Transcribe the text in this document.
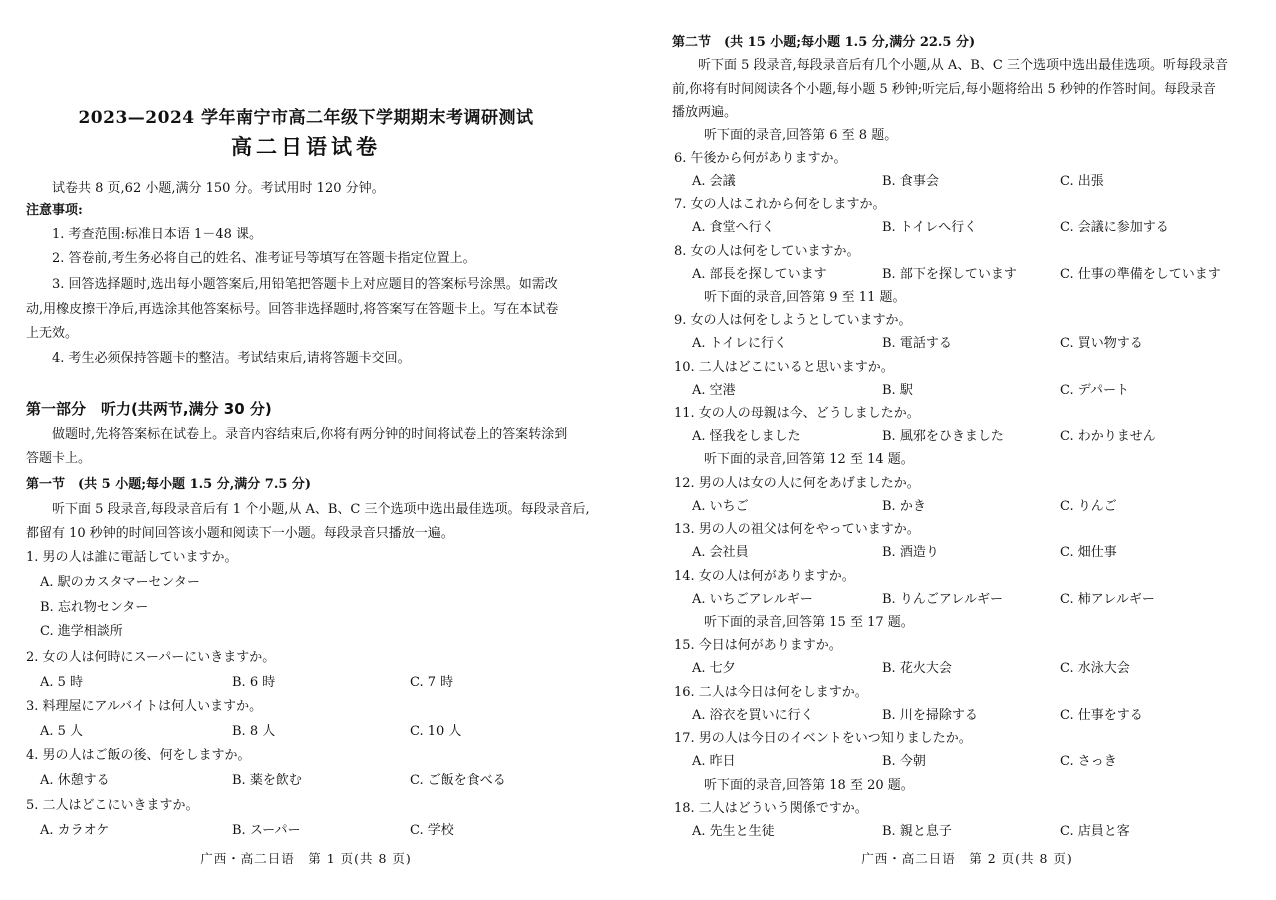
2023—2024 学年南宁市高二年级下学期期末考调研测试
高二日语试卷
试卷共 8 页,62 小题,满分 150 分。考试用时 120 分钟。
注意事项:
1. 考查范围:标准日本语 1－48 课。
2. 答卷前,考生务必将自己的姓名、准考证号等填写在答题卡指定位置上。
3. 回答选择题时,选出每小题答案后,用铅笔把答题卡上对应题目的答案标号涂黑。如需改
动,用橡皮擦干净后,再选涂其他答案标号。回答非选择题时,将答案写在答题卡上。写在本试卷
上无效。
4. 考生必须保持答题卡的整洁。考试结束后,请将答题卡交回。
第一部分　听力(共两节,满分 30 分)
做题时,先将答案标在试卷上。录音内容结束后,你将有两分钟的时间将试卷上的答案转涂到
答题卡上。
第一节　(共 5 小题;每小题 1.5 分,满分 7.5 分)
听下面 5 段录音,每段录音后有 1 个小题,从 A、B、C 三个选项中选出最佳选项。每段录音后,
都留有 10 秒钟的时间回答该小题和阅读下一小题。每段录音只播放一遍。
1. 男の人は誰に電話していますか。
A. 駅のカスタマーセンター
B. 忘れ物センター
C. 進学相談所
2. 女の人は何時にスーパーにいきますか。
A. 5 時	B. 6 時	C. 7 時
3. 料理屋にアルバイトは何人いますか。
A. 5 人	B. 8 人	C. 10 人
4. 男の人はご飯の後、何をしますか。
A. 休憩する	B. 薬を飲む	C. ご飯を食べる
5. 二人はどこにいきますか。
A. カラオケ	B. スーパー	C. 学校
广西・高二日语　第 1 页(共 8 页)
第二节　(共 15 小题;每小题 1.5 分,满分 22.5 分)
听下面 5 段录音,每段录音后有几个小题,从 A、B、C 三个选项中选出最佳选项。听每段录音
前,你将有时间阅读各个小题,每小题 5 秒钟;听完后,每小题将给出 5 秒钟的作答时间。每段录音
播放两遍。
听下面的录音,回答第 6 至 8 题。
6. 午後から何がありますか。
A. 会議	B. 食事会	C. 出張
7. 女の人はこれから何をしますか。
A. 食堂へ行く	B. トイレへ行く	C. 会議に参加する
8. 女の人は何をしていますか。
A. 部長を探しています	B. 部下を探しています	C. 仕事の準備をしています
听下面的录音,回答第 9 至 11 题。
9. 女の人は何をしようとしていますか。
A. トイレに行く	B. 電話する	C. 買い物する
10. 二人はどこにいると思いますか。
A. 空港	B. 駅	C. デパート
11. 女の人の母親は今、どうしましたか。
A. 怪我をしました	B. 風邪をひきました	C. わかりません
听下面的录音,回答第 12 至 14 题。
12. 男の人は女の人に何をあげましたか。
A. いちご	B. かき	C. りんご
13. 男の人の祖父は何をやっていますか。
A. 会社員	B. 酒造り	C. 畑仕事
14. 女の人は何がありますか。
A. いちごアレルギー	B. りんごアレルギー	C. 柿アレルギー
听下面的录音,回答第 15 至 17 题。
15. 今日は何がありますか。
A. 七夕	B. 花火大会	C. 水泳大会
16. 二人は今日は何をしますか。
A. 浴衣を買いに行く	B. 川を掃除する	C. 仕事をする
17. 男の人は今日のイベントをいつ知りましたか。
A. 昨日	B. 今朝	C. さっき
听下面的录音,回答第 18 至 20 题。
18. 二人はどういう関係ですか。
A. 先生と生徒	B. 親と息子	C. 店員と客
广西・高二日语　第 2 页(共 8 页)
